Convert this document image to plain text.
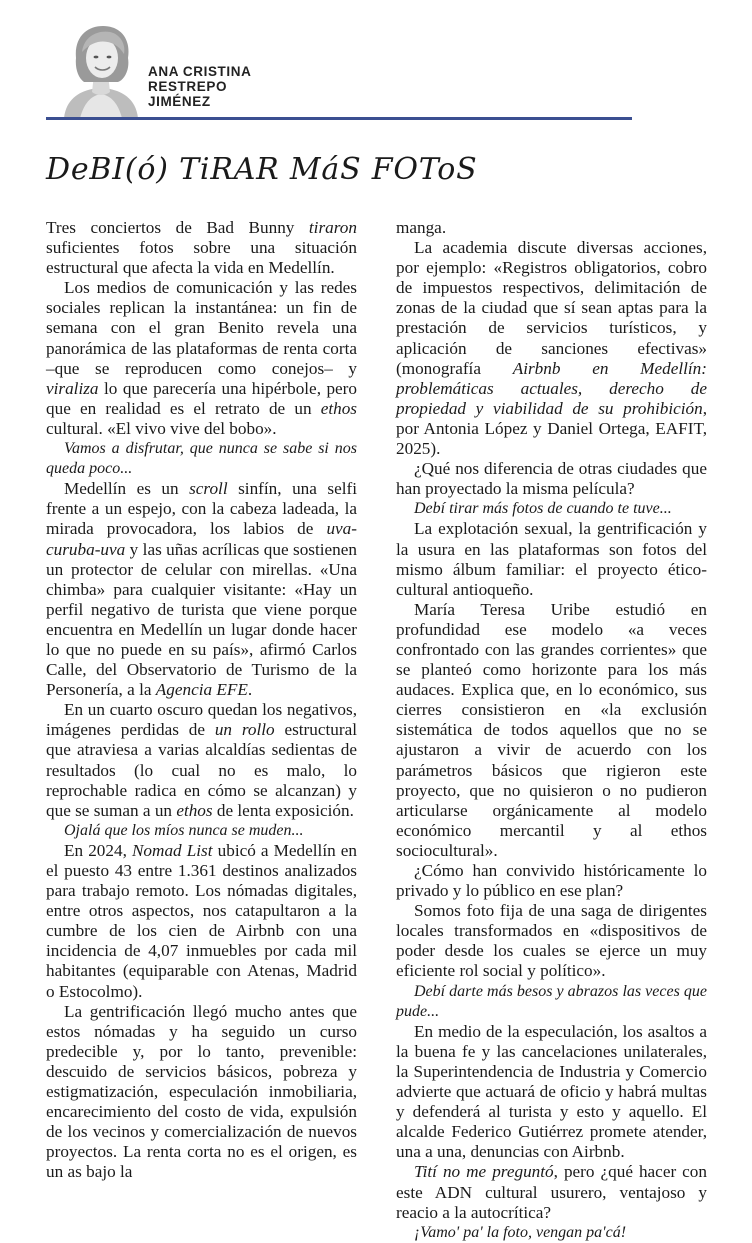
ANA CRISTINA
RESTREPO
JIMÉNEZ
DeBI(ó) TiRAR MáS FOToS

Tres conciertos de Bad Bunny tiraron suficientes fotos sobre una situación estructural que afecta la vida en Medellín.

Los medios de comunicación y las redes sociales replican la instantánea: un fin de semana con el gran Benito revela una panorámica de las plataformas de renta corta –que se reproducen como conejos– y viraliza lo que parecería una hipérbole, pero que en realidad es el retrato de un ethos cultural. «El vivo vive del bobo».

Vamos a disfrutar, que nunca se sabe si nos queda poco...

Medellín es un scroll sinfín, una selfi frente a un espejo, con la cabeza ladeada, la mirada provocadora, los labios de uva-curuba-uva y las uñas acrílicas que sostienen un protector de celular con mirellas. «Una chimba» para cualquier visitante: «Hay un perfil negativo de turista que viene porque encuentra en Medellín un lugar donde hacer lo que no puede en su país», afirmó Carlos Calle, del Observatorio de Turismo de la Personería, a la Agencia EFE.

En un cuarto oscuro quedan los negativos, imágenes perdidas de un rollo estructural que atraviesa a varias alcaldías sedientas de resultados (lo cual no es malo, lo reprochable radica en cómo se alcanzan) y que se suman a un ethos de lenta exposición.

Ojalá que los míos nunca se muden...

En 2024, Nomad List ubicó a Medellín en el puesto 43 entre 1.361 destinos analizados para trabajo remoto. Los nómadas digitales, entre otros aspectos, nos catapultaron a la cumbre de los cien de Airbnb con una incidencia de 4,07 inmuebles por cada mil habitantes (equiparable con Atenas, Madrid o Estocolmo).

La gentrificación llegó mucho antes que estos nómadas y ha seguido un curso predecible y, por lo tanto, prevenible: descuido de servicios básicos, pobreza y estigmatización, especulación inmobiliaria, encarecimiento del costo de vida, expulsión de los vecinos y comercialización de nuevos proyectos. La renta corta no es el origen, es un as bajo la

manga.

La academia discute diversas acciones, por ejemplo: «Registros obligatorios, cobro de impuestos respectivos, delimitación de zonas de la ciudad que sí sean aptas para la prestación de servicios turísticos, y aplicación de sanciones efectivas» (monografía Airbnb en Medellín: problemáticas actuales, derecho de propiedad y viabilidad de su prohibición, por Antonia López y Daniel Ortega, EAFIT, 2025).

¿Qué nos diferencia de otras ciudades que han proyectado la misma película?

Debí tirar más fotos de cuando te tuve...

La explotación sexual, la gentrificación y la usura en las plataformas son fotos del mismo álbum familiar: el proyecto ético-cultural antioqueño.

María Teresa Uribe estudió en profundidad ese modelo «a veces confrontado con las grandes corrientes» que se planteó como horizonte para los más audaces. Explica que, en lo económico, sus cierres consistieron en «la exclusión sistemática de todos aquellos que no se ajustaron a vivir de acuerdo con los parámetros básicos que rigieron este proyecto, que no quisieron o no pudieron articularse orgánicamente al modelo económico mercantil y al ethos sociocultural».

¿Cómo han convivido históricamente lo privado y lo público en ese plan?

Somos foto fija de una saga de dirigentes locales transformados en «dispositivos de poder desde los cuales se ejerce un muy eficiente rol social y político».

Debí darte más besos y abrazos las veces que pude...

En medio de la especulación, los asaltos a la buena fe y las cancelaciones unilaterales, la Superintendencia de Industria y Comercio advierte que actuará de oficio y habrá multas y defenderá al turista y esto y aquello. El alcalde Federico Gutiérrez promete atender, una a una, denuncias con Airbnb.

Tití no me preguntó, pero ¿qué hacer con este ADN cultural usurero, ventajoso y reacio a la autocrítica?

¡Vamo' pa' la foto, vengan pa'cá!
